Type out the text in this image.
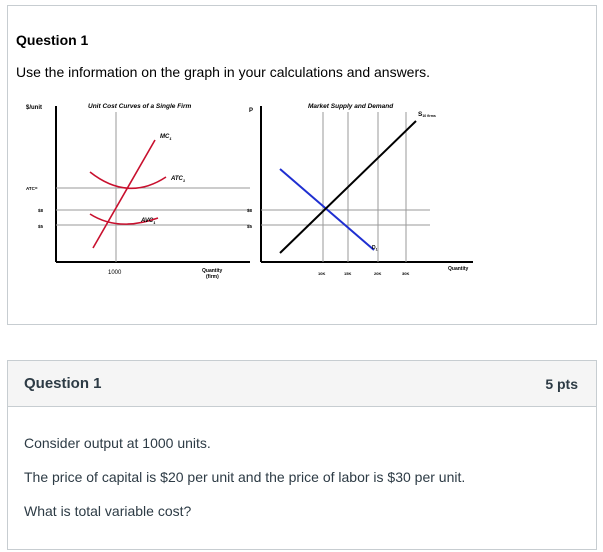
Question 1
Use the information on the graph in your calculations and answers.
$/unit	Unit Cost Curves of a Single Firm
$MC_1$
$ATC_1$
$AVC_1$
ATC=
$8
$5
1000	Quantity
(firm)
P
Market Supply and Demand
S10 firms
$D_1$
$8
$5
Quantity
10K	15K	20K	30K
Question 1	5 pts
Consider output at 1000 units.
The price of capital is $20 per unit and the price of labor is $30 per unit.
What is total variable cost?
